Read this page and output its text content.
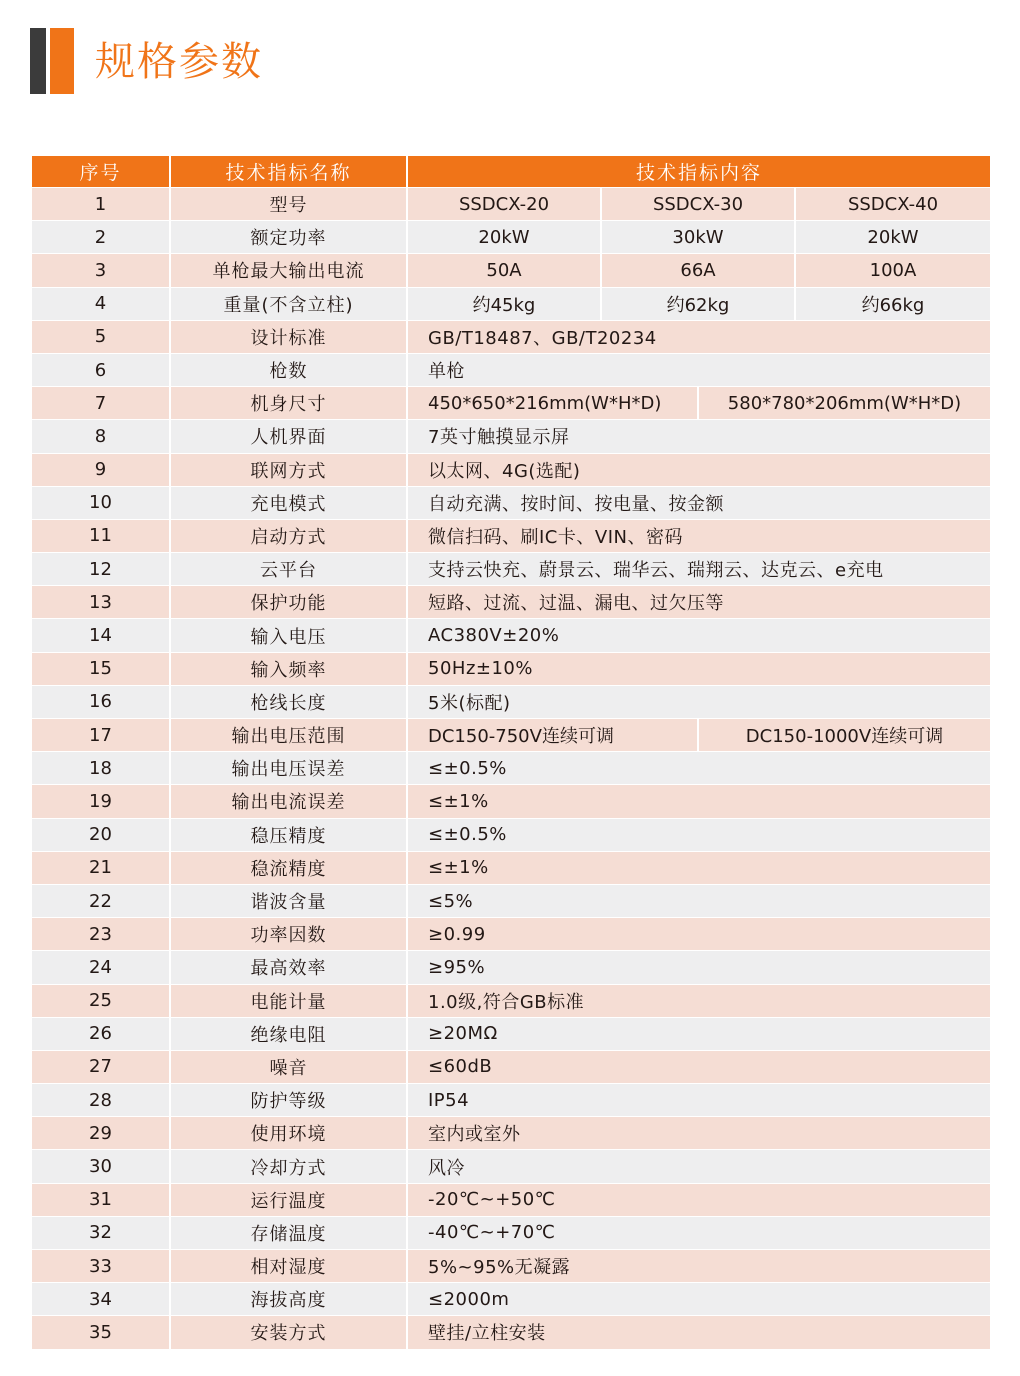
规格参数
序号	技术指标名称	技术指标内容
1	型号	SSDCX-20	SSDCX-30	SSDCX-40
2	额定功率	20kW	30kW	20kW
3	单枪最大输出电流	50A	66A	100A
4	重量(不含立柱)	约45kg	约62kg	约66kg
5	设计标准	GB/T18487、GB/T20234
6	枪数	单枪
7	机身尺寸	450*650*216mm(W*H*D)	580*780*206mm(W*H*D)
8	人机界面	7英寸触摸显示屏
9	联网方式	以太网、4G(选配)
10	充电模式	自动充满、按时间、按电量、按金额
11	启动方式	微信扫码、刷IC卡、VIN、密码
12	云平台	支持云快充、蔚景云、瑞华云、瑞翔云、达克云、e充电
13	保护功能	短路、过流、过温、漏电、过欠压等
14	输入电压	AC380V±20%
15	输入频率	50Hz±10%
16	枪线长度	5米(标配)
17	输出电压范围	DC150-750V连续可调	DC150-1000V连续可调
18	输出电压误差	≤±0.5%
19	输出电流误差	≤±1%
20	稳压精度	≤±0.5%
21	稳流精度	≤±1%
22	谐波含量	≤5%
23	功率因数	≥0.99
24	最高效率	≥95%
25	电能计量	1.0级,符合GB标准
26	绝缘电阻	≥20MΩ
27	噪音	≤60dB
28	防护等级	IP54
29	使用环境	室内或室外
30	冷却方式	风冷
31	运行温度	-20℃~+50℃
32	存储温度	-40℃~+70℃
33	相对湿度	5%~95%无凝露
34	海拔高度	≤2000m
35	安装方式	壁挂/立柱安装
